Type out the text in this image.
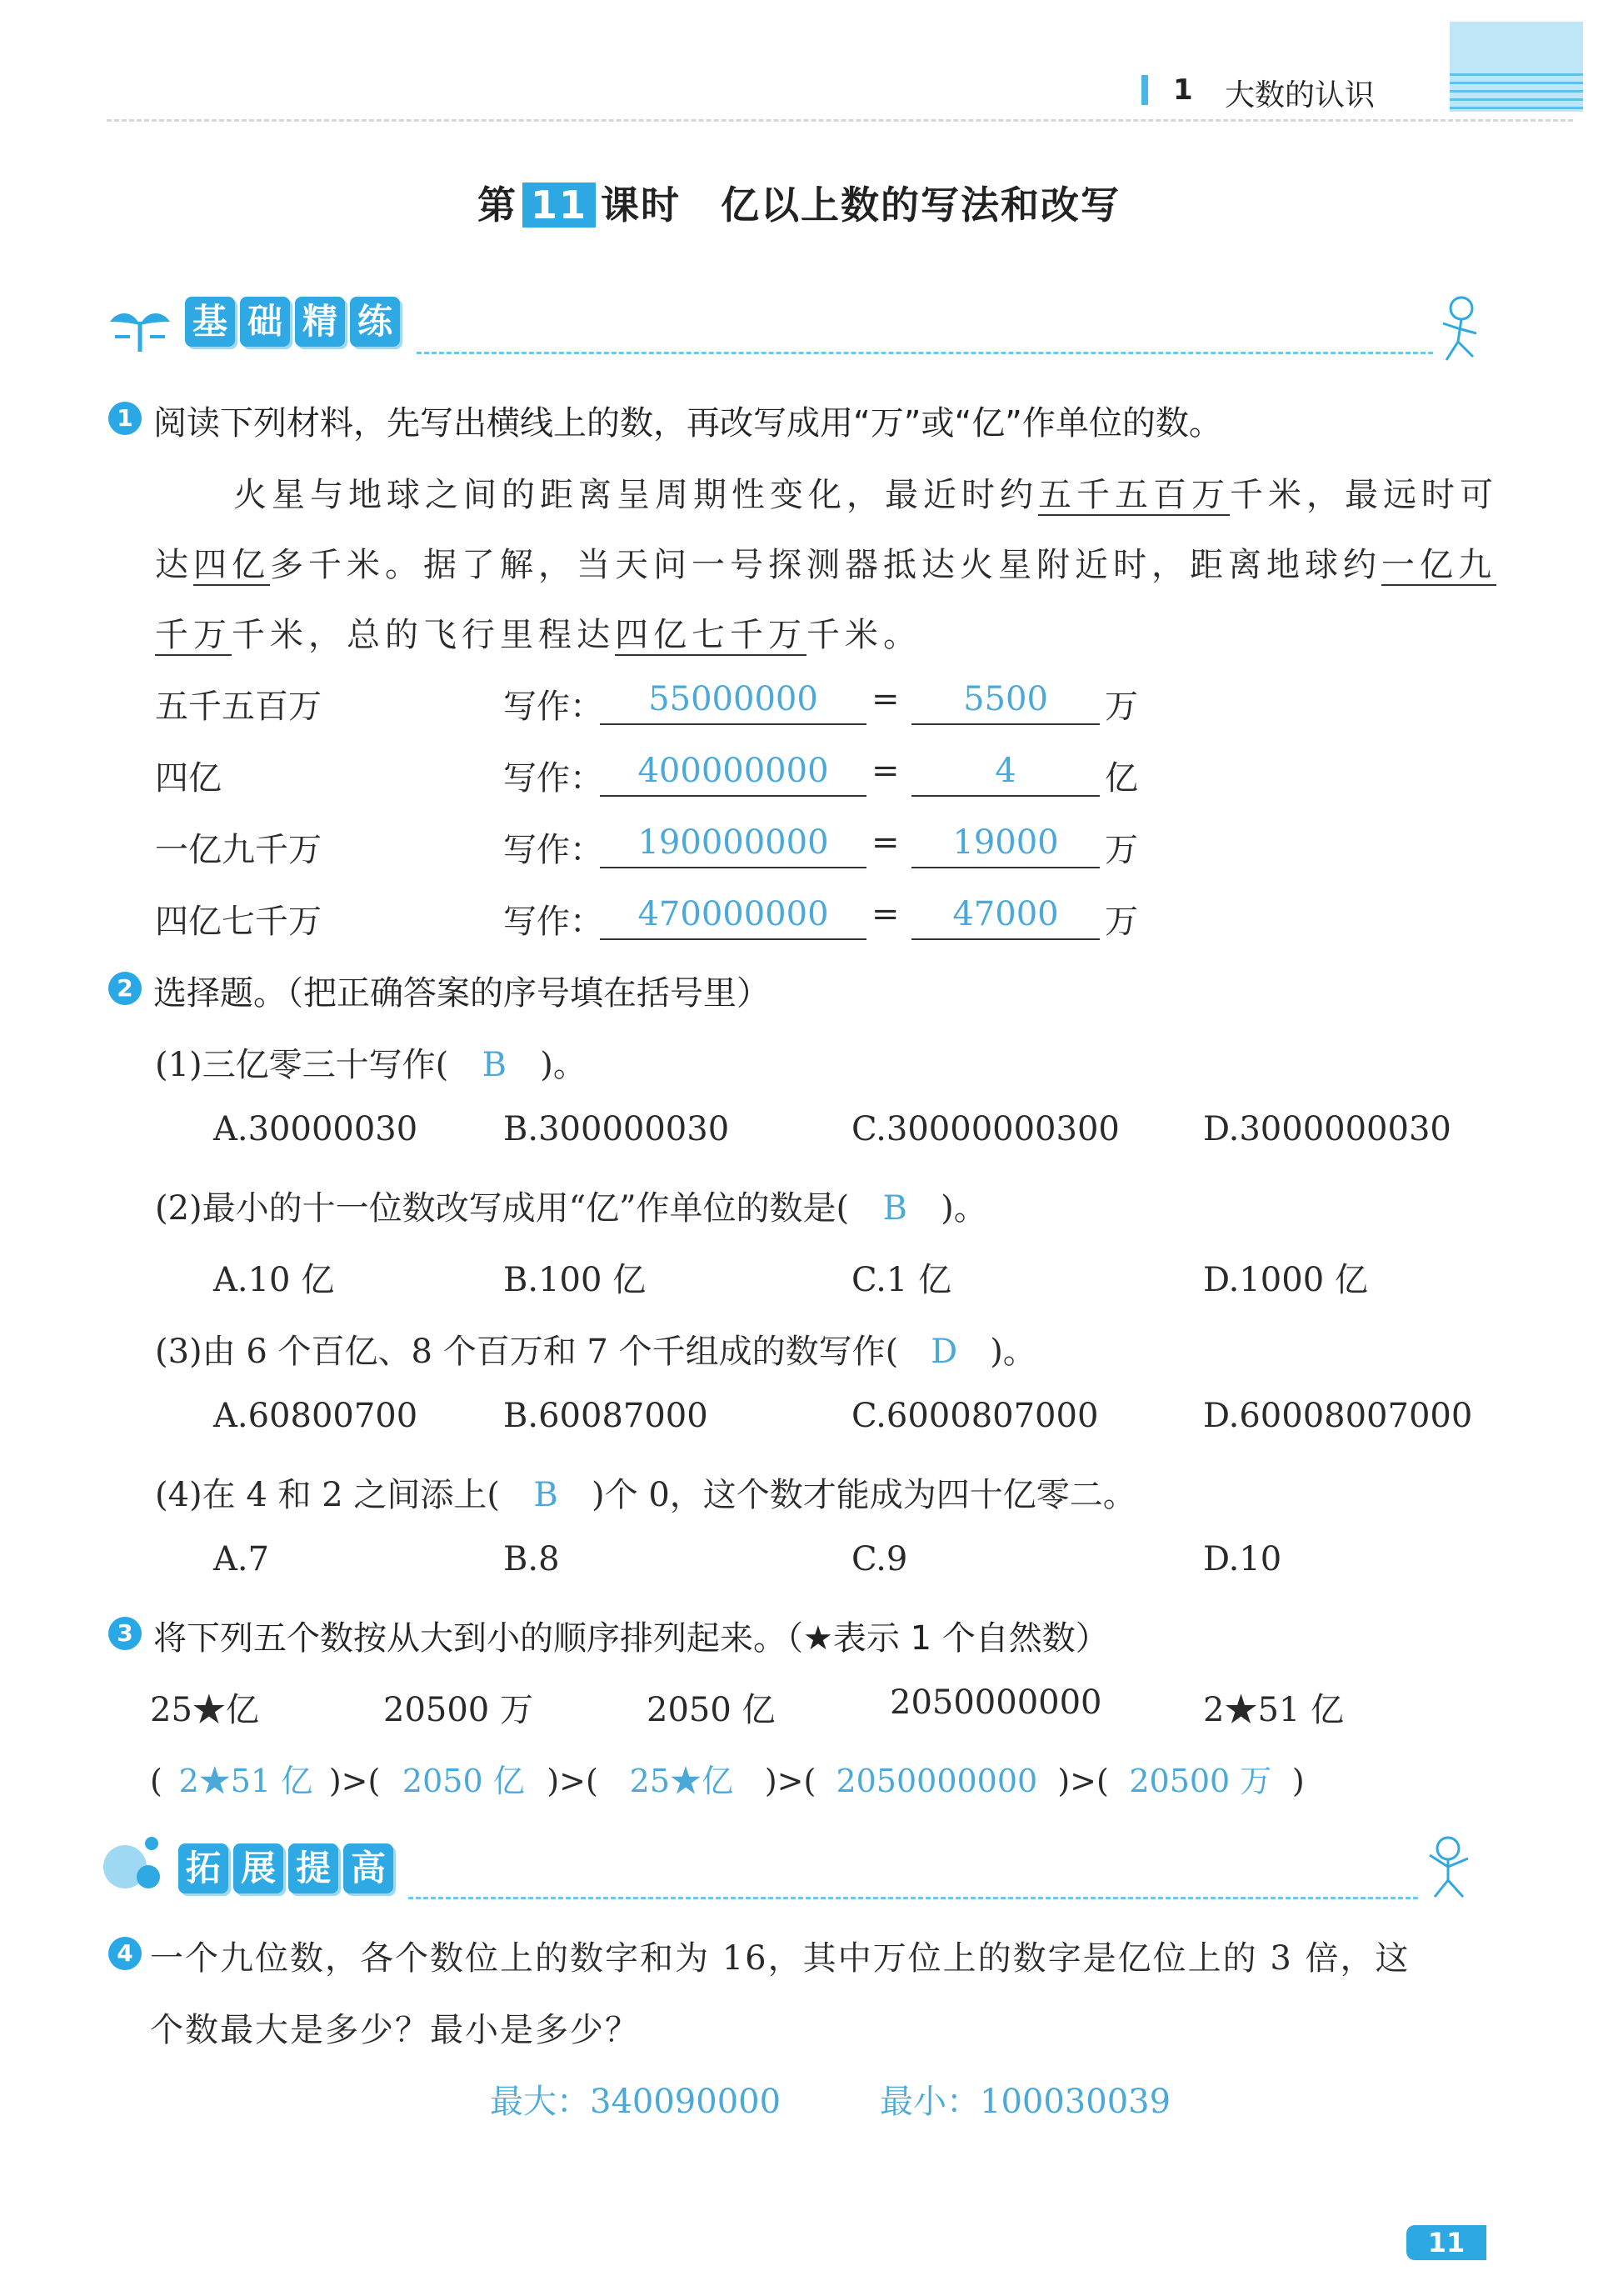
1 大数的认识
第 11 课时　亿以上数的写法和改写
基 础 精 练
1 阅读下列材料，先写出横线上的数，再改写成用“万”或“亿”作单位的数。
火星与地球之间的距离呈周期性变化，最近时约五千五百万千米，最远时可
达四亿多千米。据了解，当天问一号探测器抵达火星附近时，距离地球约一亿九
千万千米，总的飞行里程达四亿七千万千米。
五千五百万	写作：	55000000	=	5500	万
四亿	写作：	400000000	=	4	亿
一亿九千万	写作：	190000000	=	19000	万
四亿七千万	写作：	470000000	=	47000	万
2 选择题。（把正确答案的序号填在括号里）
(1)三亿零三十写作( B )。
A.30000030	B.300000030	C.30000000300	D.3000000030
(2)最小的十一位数改写成用“亿”作单位的数是( B )。
A.10 亿	B.100 亿	C.1 亿	D.1000 亿
(3)由 6 个百亿、8 个百万和 7 个千组成的数写作( D )。
A.60800700	B.60087000	C.6000807000	D.60008007000
(4)在 4 和 2 之间添上( B )个 0，这个数才能成为四十亿零二。
A.7	B.8	C.9	D.10
3 将下列五个数按从大到小的顺序排列起来。（★表示 1 个自然数）
25★亿	20500 万	2050 亿	2050000000	2★51 亿
( 2★51 亿 )>( 2050 亿 )>( 25★亿 )>( 2050000000 )>( 20500 万 )
拓 展 提 高
4 一个九位数，各个数位上的数字和为 16，其中万位上的数字是亿位上的 3 倍，这
个数最大是多少？最小是多少？
最大：340090000	最小：100030039
11
